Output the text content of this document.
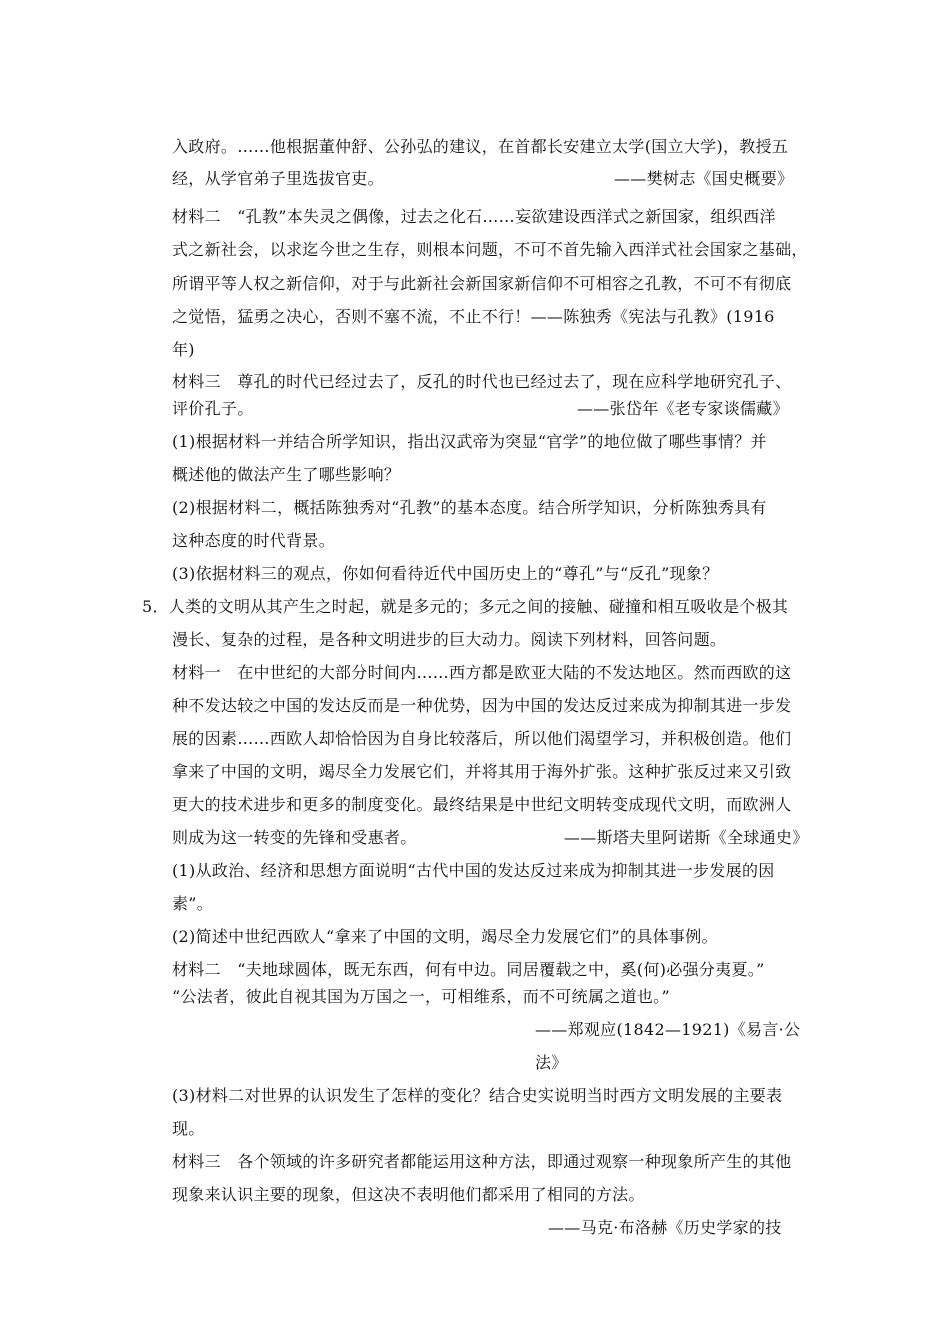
入政府。……他根据董仲舒、公孙弘的建议，在首都长安建立太学(国立大学)，教授五
经，从学官弟子里选拔官吏。	——樊树志《国史概要》
材料二　“孔教”本失灵之偶像，过去之化石……妄欲建设西洋式之新国家，组织西洋
式之新社会，以求迄今世之生存，则根本问题，不可不首先输入西洋式社会国家之基础，
所谓平等人权之新信仰，对于与此新社会新国家新信仰不可相容之孔教，不可不有彻底
之觉悟，猛勇之决心，否则不塞不流，不止不行！——陈独秀《宪法与孔教》(1916
年)
材料三　尊孔的时代已经过去了，反孔的时代也已经过去了，现在应科学地研究孔子、
评价孔子。	——张岱年《老专家谈儒藏》
(1)根据材料一并结合所学知识，指出汉武帝为突显“官学”的地位做了哪些事情？并
概述他的做法产生了哪些影响？
(2)根据材料二，概括陈独秀对“孔教”的基本态度。结合所学知识，分析陈独秀具有
这种态度的时代背景。
(3)依据材料三的观点，你如何看待近代中国历史上的“尊孔”与“反孔”现象？
5．人类的文明从其产生之时起，就是多元的；多元之间的接触、碰撞和相互吸收是个极其
漫长、复杂的过程，是各种文明进步的巨大动力。阅读下列材料，回答问题。
材料一　在中世纪的大部分时间内……西方都是欧亚大陆的不发达地区。然而西欧的这
种不发达较之中国的发达反而是一种优势，因为中国的发达反过来成为抑制其进一步发
展的因素……西欧人却恰恰因为自身比较落后，所以他们渴望学习，并积极创造。他们
拿来了中国的文明，竭尽全力发展它们，并将其用于海外扩张。这种扩张反过来又引致
更大的技术进步和更多的制度变化。最终结果是中世纪文明转变成现代文明，而欧洲人
则成为这一转变的先锋和受惠者。	——斯塔夫里阿诺斯《全球通史》
(1)从政治、经济和思想方面说明“古代中国的发达反过来成为抑制其进一步发展的因
素”。
(2)简述中世纪西欧人“拿来了中国的文明，竭尽全力发展它们”的具体事例。
材料二　“夫地球圆体，既无东西，何有中边。同居覆载之中，奚(何)必强分夷夏。”
“公法者，彼此自视其国为万国之一，可相维系，而不可统属之道也。”
——郑观应(1842—1921)《易言·公
法》
(3)材料二对世界的认识发生了怎样的变化？结合史实说明当时西方文明发展的主要表
现。
材料三　各个领域的许多研究者都能运用这种方法，即通过观察一种现象所产生的其他
现象来认识主要的现象，但这决不表明他们都采用了相同的方法。
——马克·布洛赫《历史学家的技
